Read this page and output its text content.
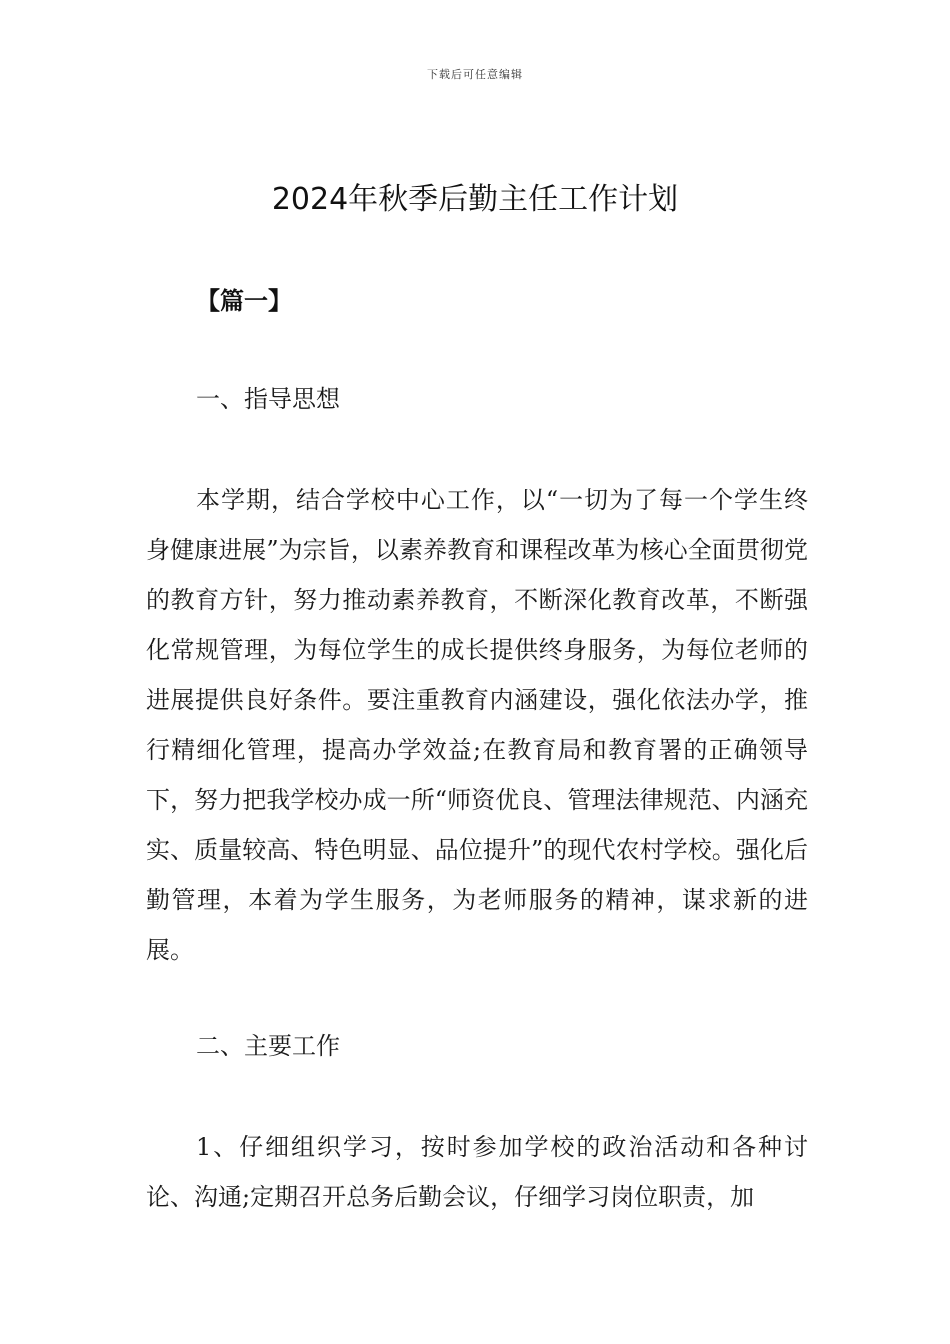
下载后可任意编辑
2024年秋季后勤主任工作计划
【篇一】
一、指导思想

本学期，结合学校中心工作，以“一切为了每一个学生终身健康进展”为宗旨，以素养教育和课程改革为核心全面贯彻党的教育方针，努力推动素养教育，不断深化教育改革，不断强化常规管理，为每位学生的成长提供终身服务，为每位老师的进展提供良好条件。要注重教育内涵建设，强化依法办学，推行精细化管理，提高办学效益;在教育局和教育署的正确领导下，努力把我学校办成一所“师资优良、管理法律规范、内涵充实、质量较高、特色明显、品位提升”的现代农村学校。强化后勤管理，本着为学生服务，为老师服务的精神，谋求新的进展。

二、主要工作

1、仔细组织学习，按时参加学校的政治活动和各种讨论、沟通;定期召开总务后勤会议，仔细学习岗位职责，加
